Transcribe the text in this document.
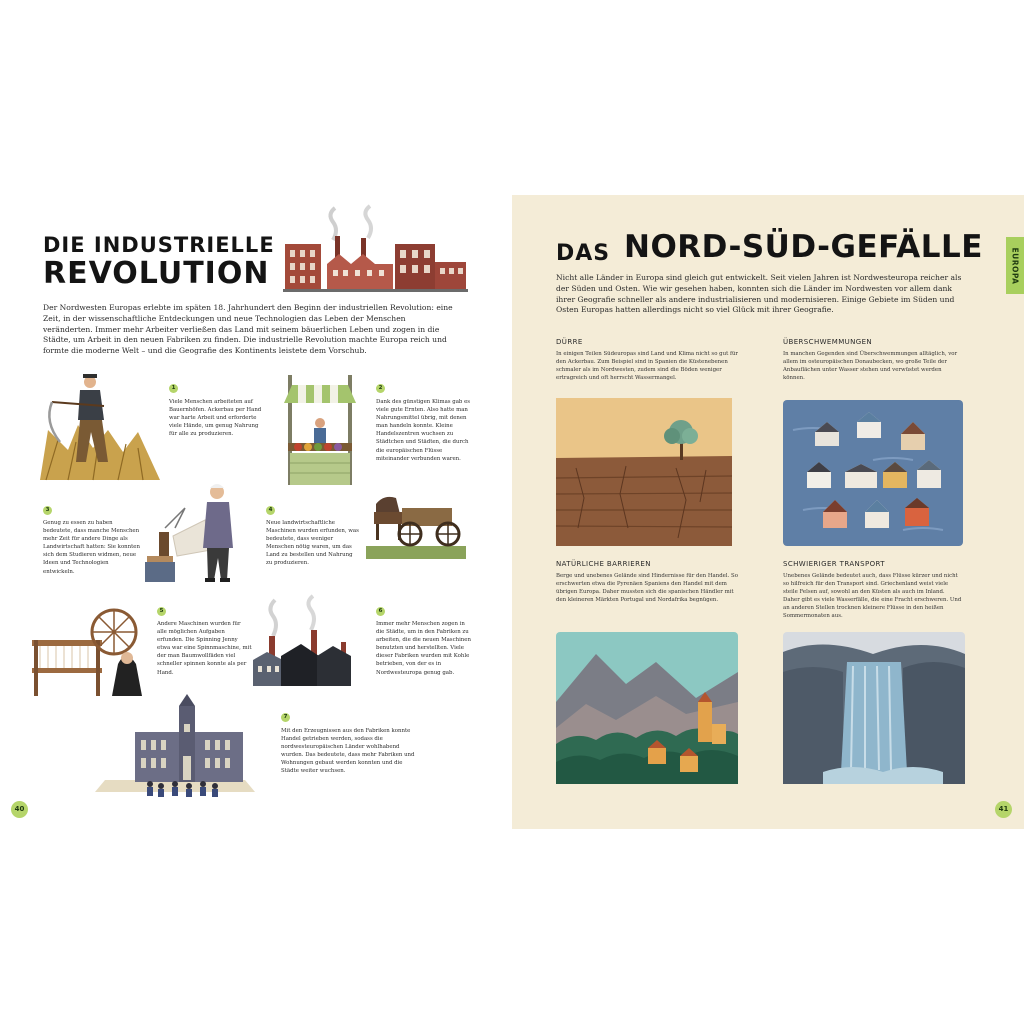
DIE INDUSTRIELLE
REVOLUTION
Der Nordwesten Europas erlebte im späten 18. Jahrhundert den Beginn der industriellen Revolution: eine Zeit, in der wissenschaftliche Entdeckungen und neue Technologien das Leben der Menschen veränderten. Immer mehr Arbeiter verließen das Land mit seinem bäuerlichen Leben und zogen in die Städte, um Arbeit in den neuen Fabriken zu finden. Die industrielle Revolution machte Europa reich und formte die moderne Welt – und die Geografie des Kontinents leistete dem Vorschub.
1
Viele Menschen arbeiteten auf Bauernhöfen. Ackerbau per Hand war harte Arbeit und erforderte viele Hände, um genug Nahrung für alle zu produzieren.
2
Dank des günstigen Klimas gab es viele gute Ernten. Also hatte man Nahrungsmittel übrig, mit denen man handeln konnte. Kleine Handelszentren wuchsen zu Städtchen und Städten, die durch die europäischen Flüsse miteinander verbunden waren.
3
Genug zu essen zu haben bedeutete, dass manche Menschen mehr Zeit für andere Dinge als Landwirtschaft hatten: Sie konnten sich dem Studieren widmen, neue Ideen und Technologien entwickeln.
4
Neue landwirtschaftliche Maschinen wurden erfunden, was bedeutete, dass weniger Menschen nötig waren, um das Land zu bestellen und Nahrung zu produzieren.
5
Andere Maschinen wurden für alle möglichen Aufgaben erfunden. Die Spinning Jenny etwa war eine Spinnmaschine, mit der man Baumwollfäden viel schneller spinnen konnte als per Hand.
6
Immer mehr Menschen zogen in die Städte, um in den Fabriken zu arbeiten, die die neuen Maschinen benutzten und herstellten. Viele dieser Fabriken wurden mit Kohle betrieben, von der es in Nordwesteuropa genug gab.
7
Mit den Erzeugnissen aus den Fabriken konnte Handel getrieben werden, sodass die nordwesteuropäischen Länder wohlhabend wurden. Das bedeutete, dass mehr Fabriken und Wohnungen gebaut werden konnten und die Städte weiter wuchsen.
40
DAS NORD-SÜD-GEFÄLLE
EUROPA
Nicht alle Länder in Europa sind gleich gut entwickelt. Seit vielen Jahren ist Nordwesteuropa reicher als der Süden und Osten. Wie wir gesehen haben, konnten sich die Länder im Nordwesten vor allem dank ihrer Geografie schneller als andere industrialisieren und modernisieren. Einige Gebiete im Süden und Osten Europas hatten allerdings nicht so viel Glück mit ihrer Geografie.
DÜRRE
In einigen Teilen Südeuropas sind Land und Klima nicht so gut für den Ackerbau. Zum Beispiel sind in Spanien die Küstenebenen schmaler als im Nordwesten, zudem sind die Böden weniger ertragreich und oft herrscht Wassermangel.
ÜBERSCHWEMMUNGEN
In manchen Gegenden sind Überschwemmungen alltäglich, vor allem im osteuropäischen Donaubecken, wo große Teile der Anbauflächen unter Wasser stehen und verwüstet werden können.
NATÜRLICHE BARRIEREN
Berge und unebenes Gelände sind Hindernisse für den Handel. So erschwerten etwa die Pyrenäen Spaniens den Handel mit dem übrigen Europa. Daher mussten sich die spanischen Händler mit den kleineren Märkten Portugal und Nordafrika begnügen.
SCHWIERIGER TRANSPORT
Unebenes Gelände bedeutet auch, dass Flüsse kürzer und nicht so hilfreich für den Transport sind. Griechenland weist viele steile Felsen auf, sowohl an den Küsten als auch im Inland. Daher gibt es viele Wasserfälle, die eine Fracht erschweren. Und an anderen Stellen trocknen kleinere Flüsse in den heißen Sommermonaten aus.
41
